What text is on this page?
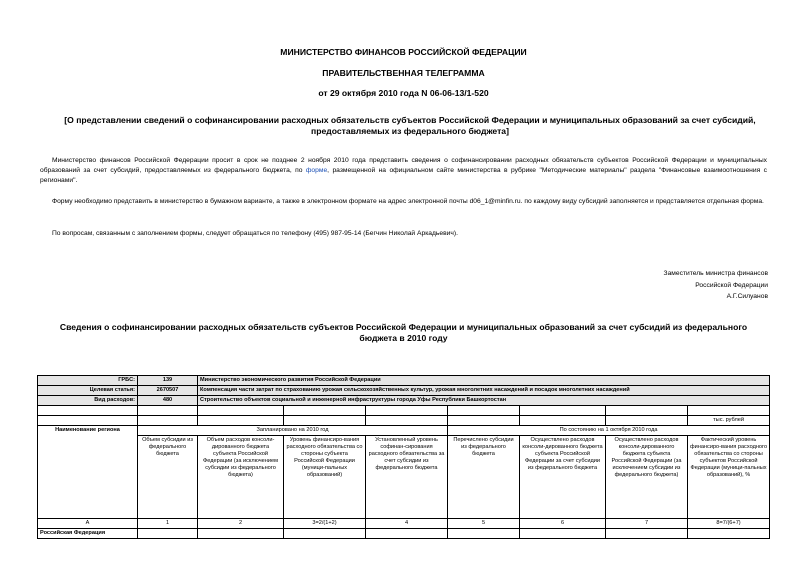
МИНИСТЕРСТВО ФИНАНСОВ РОССИЙСКОЙ ФЕДЕРАЦИИ
ПРАВИТЕЛЬСТВЕННАЯ ТЕЛЕГРАММА
от 29 октября 2010 года N 06-06-13/1-520
[О представлении сведений о софинансировании расходных обязательств субъектов Российской Федерации и муниципальных образований за счет субсидий, предоставляемых из федерального бюджета]
Министерство финансов Российской Федерации просит в срок не позднее 2 ноября 2010 года представить сведения о софинансировании расходных обязательств субъектов Российской Федерации и муниципальных образований за счет субсидий, предоставляемых из федерального бюджета, по форме, размещенной на официальном сайте министерства в рубрике "Методические материалы" раздела "Финансовые взаимоотношения с регионами".
Форму необходимо представить в министерство в бумажном варианте, а также в электронном формате на адрес электронной почты d06_1@minfin.ru. по каждому виду субсидий заполняется и представляется отдельная форма.
По вопросам, связанным с заполнением формы, следует обращаться по телефону (495) 987-95-14 (Бегчин Николай Аркадьевич).
Заместитель министра финансов
Российской Федерации
А.Г.Силуанов
Сведения о софинансировании расходных обязательств субъектов Российской Федерации и муниципальных образований за счет субсидий из федерального бюджета в 2010 году
ГРБС:	139	Министерство экономического развития Российской Федерации						
Целевая статья:	2670507	Компенсация части затрат по страхованию урожая сельскохозяйственных культур, урожая многолетних насаждений и посадок многолетних насаждений						
Вид расходов:	480	Строительство объектов социальной и инженерной инфраструктуры города Уфы Республики Башкортостан						

								тыс. рублей
Наименование региона	Запланировано на 2010 год				По состоянию на 1 октября 2010 года			
	Объем субсидии из федерального бюджета	Объем расходов консоли-дированного бюджета субъекта Российской Федерации (за исключением субсидии из федерального бюджета)	Уровень финансиро-вания расходного обязательства со стороны субъекта Российской Федерации (муници-пальных образований)	Установленный уровень софинан-сирования расходного обязательства за счет субсидии из федерального бюджета	Перечислено субсидии из федерального бюджета	Осуществлено расходов консоли-дированного бюджета субъекта Российской Федерации за счет субсидии из федерального бюджета	Осуществлено расходов консоли-дированного бюджета субъекта Российской Федерации (за исключением субсидии из федерального бюджета)	Фактический уровень финансиро-вания расходного обязательства со стороны субъектов Российской Федерации (муници-пальных образований), %
А	1	2	3=2/(1+2)	4	5	6	7	8=7/(6+7)
Российская Федерация								
